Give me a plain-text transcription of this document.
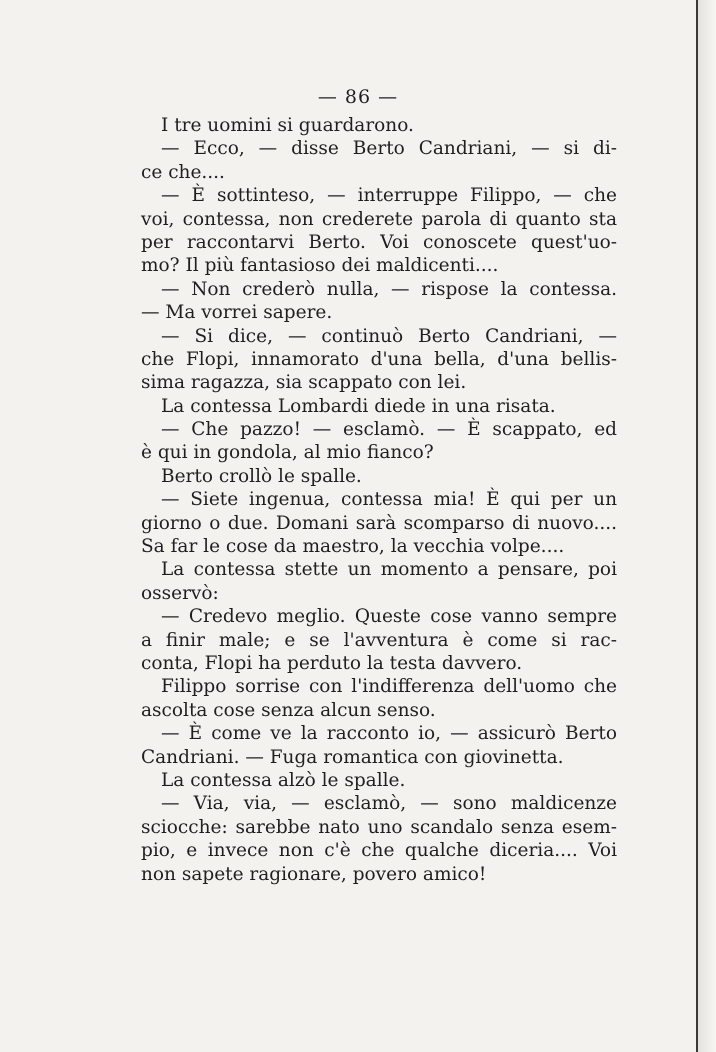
— 86 —
I tre uomini si guardarono.
— Ecco, — disse Berto Candriani, — si di-
ce che....
— È sottinteso, — interruppe Filippo, — che
voi, contessa, non crederete parola di quanto sta
per raccontarvi Berto. Voi conoscete quest'uo-
mo? Il più fantasioso dei maldicenti....
— Non crederò nulla, — rispose la contessa.
— Ma vorrei sapere.
— Si dice, — continuò Berto Candriani, —
che Flopi, innamorato d'una bella, d'una bellis-
sima ragazza, sia scappato con lei.
La contessa Lombardi diede in una risata.
— Che pazzo! — esclamò. — È scappato, ed
è qui in gondola, al mio fianco?
Berto crollò le spalle.
— Siete ingenua, contessa mia! È qui per un
giorno o due. Domani sarà scomparso di nuovo....
Sa far le cose da maestro, la vecchia volpe....
La contessa stette un momento a pensare, poi
osservò:
— Credevo meglio. Queste cose vanno sempre
a finir male; e se l'avventura è come si rac-
conta, Flopi ha perduto la testa davvero.
Filippo sorrise con l'indifferenza dell'uomo che
ascolta cose senza alcun senso.
— È come ve la racconto io, — assicurò Berto
Candriani. — Fuga romantica con giovinetta.
La contessa alzò le spalle.
— Via, via, — esclamò, — sono maldicenze
sciocche: sarebbe nato uno scandalo senza esem-
pio, e invece non c'è che qualche diceria.... Voi
non sapete ragionare, povero amico!
